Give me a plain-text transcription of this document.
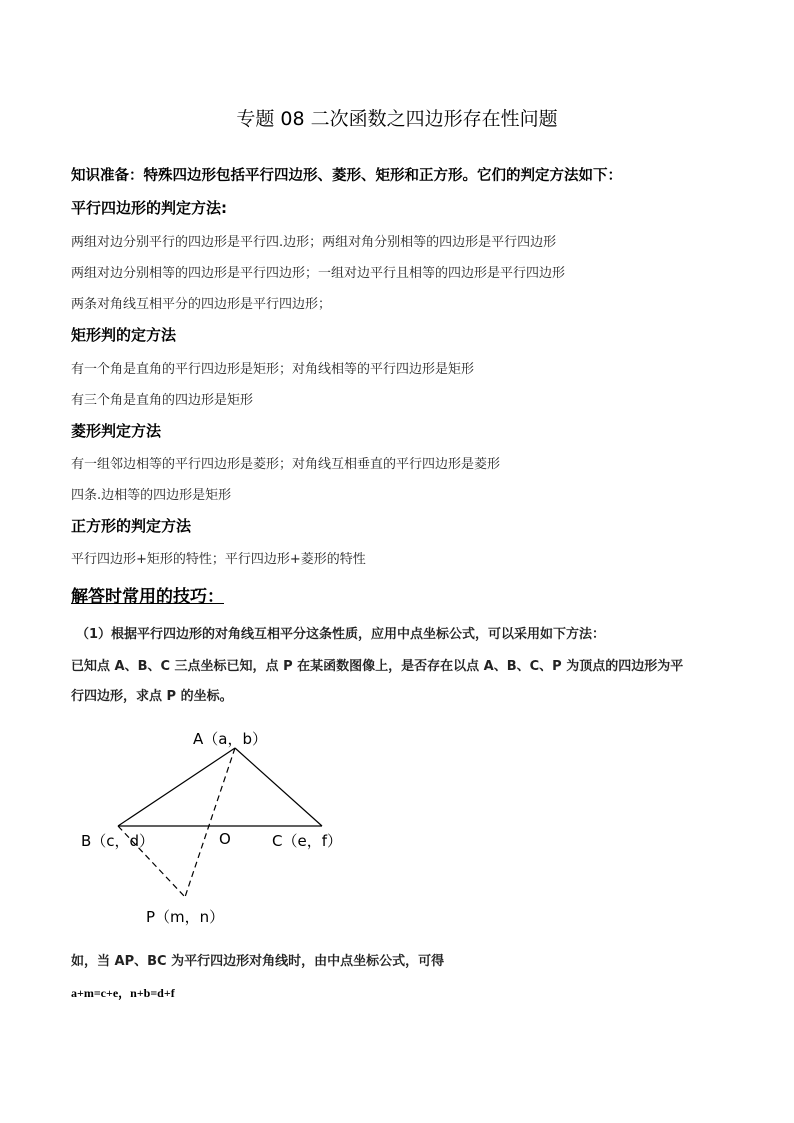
专题 08 二次函数之四边形存在性问题
知识准备：特殊四边形包括平行四边形、菱形、矩形和正方形。它们的判定方法如下：
平行四边形的判定方法:
两组对边分别平行的四边形是平行四.边形；两组对角分别相等的四边形是平行四边形
两组对边分别相等的四边形是平行四边形；一组对边平行且相等的四边形是平行四边形
两条对角线互相平分的四边形是平行四边形；
矩形判的定方法
有一个角是直角的平行四边形是矩形；对角线相等的平行四边形是矩形
有三个角是直角的四边形是矩形
菱形判定方法
有一组邻边相等的平行四边形是菱形；对角线互相垂直的平行四边形是菱形
四条.边相等的四边形是矩形
正方形的判定方法
平行四边形+矩形的特性；平行四边形+菱形的特性
解答时常用的技巧：
（1）根据平行四边形的对角线互相平分这条性质，应用中点坐标公式，可以采用如下方法：
已知点 A、B、C 三点坐标已知，点 P 在某函数图像上，是否存在以点 A、B、C、P 为顶点的四边形为平
行四边形，求点 P 的坐标。
A（a，b）
B（c，d）	O	C（e，f）
P（m，n）
如，当 AP、BC 为平行四边形对角线时，由中点坐标公式，可得
a+m=c+e，n+b=d+f
